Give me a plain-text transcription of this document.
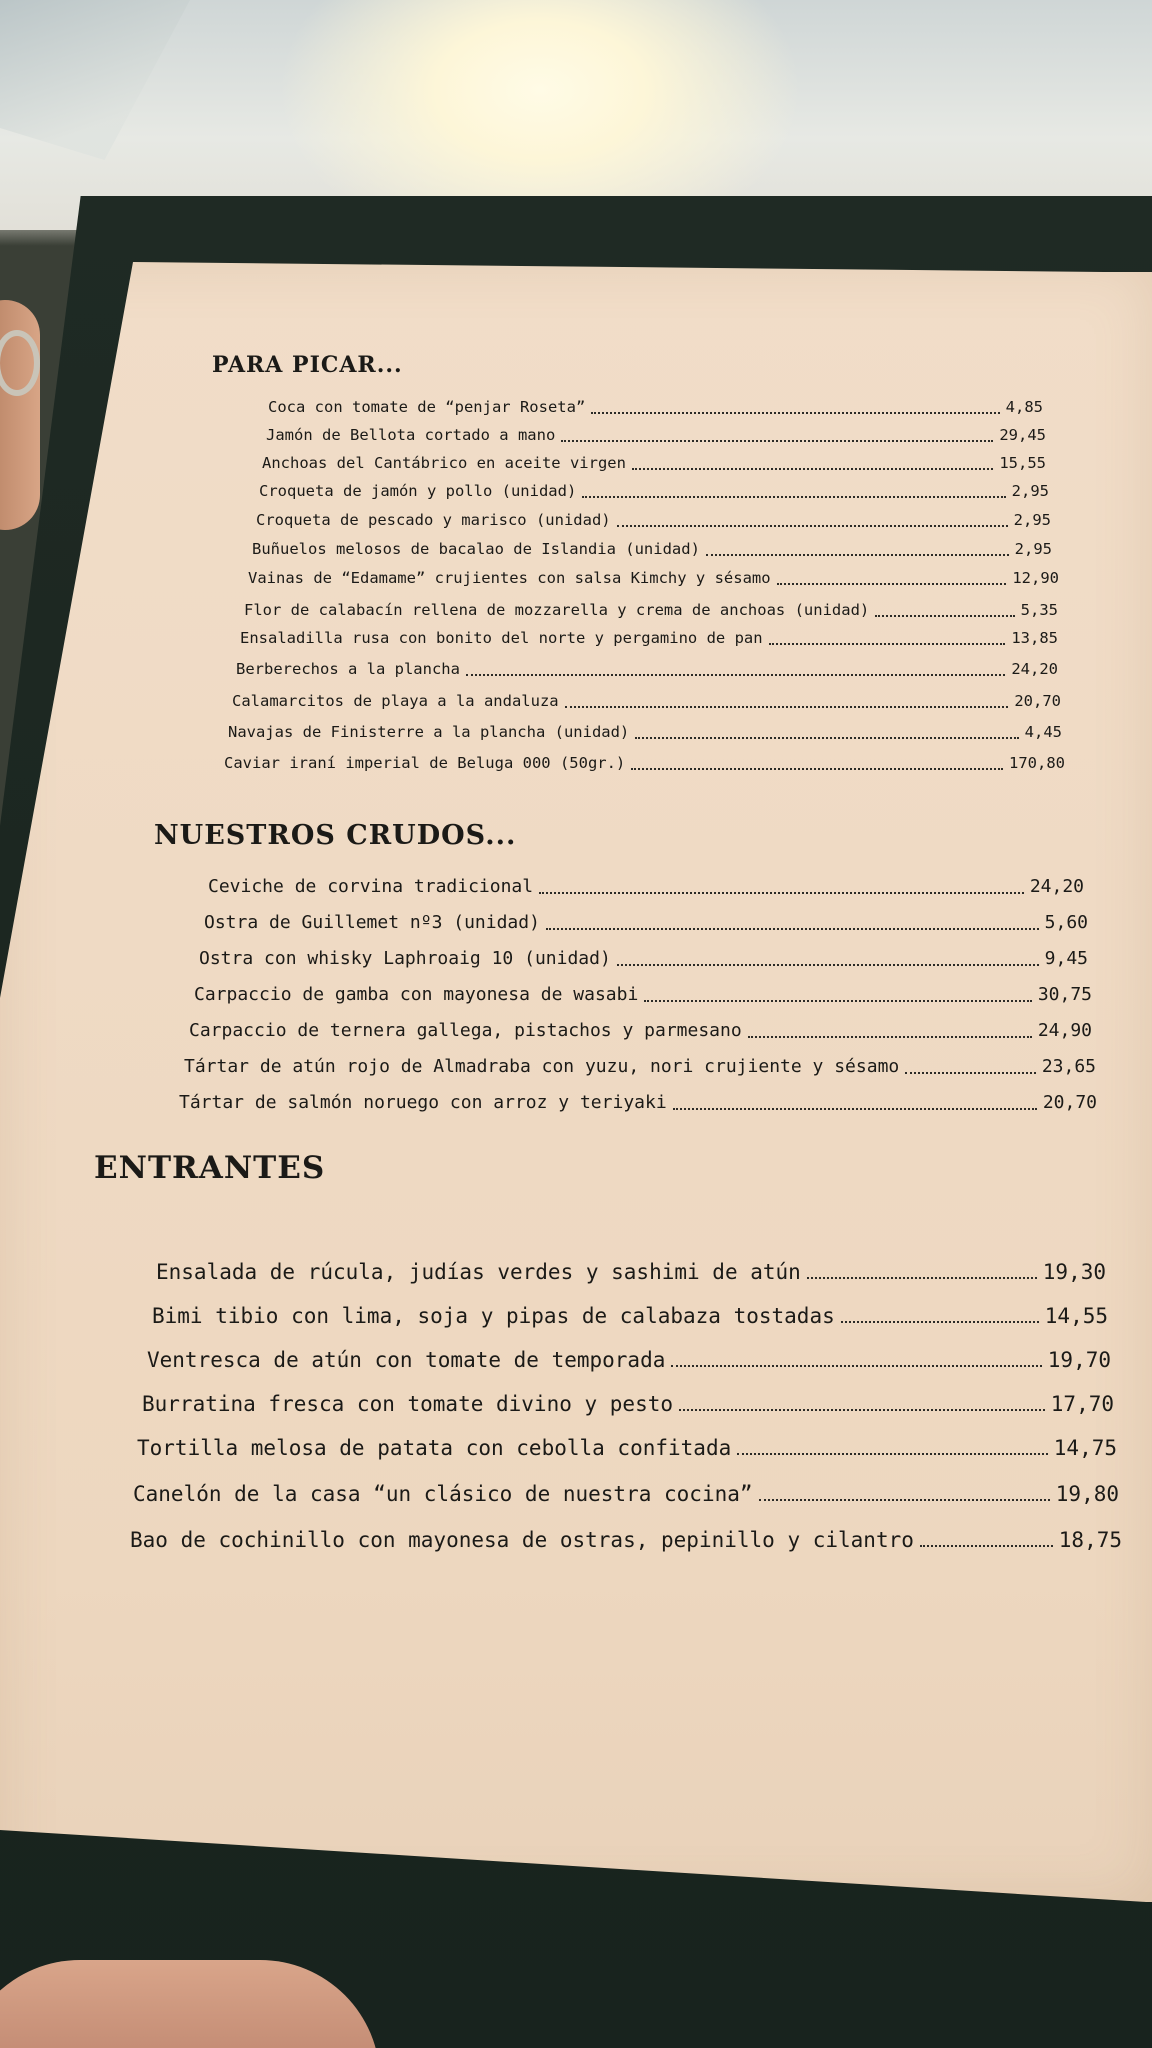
PARA PICAR...
Coca con tomate de “penjar Roseta”	4,85
Jamón de Bellota cortado a mano	29,45
Anchoas del Cantábrico en aceite virgen	15,55
Croqueta de jamón y pollo (unidad)	2,95
Croqueta de pescado y marisco (unidad)	2,95
Buñuelos melosos de bacalao de Islandia (unidad)	2,95
Vainas de “Edamame” crujientes con salsa Kimchy y sésamo	12,90
Flor de calabacín rellena de mozzarella y crema de anchoas (unidad)	5,35
Ensaladilla rusa con bonito del norte y pergamino de pan	13,85
Berberechos a la plancha	24,20
Calamarcitos de playa a la andaluza	20,70
Navajas de Finisterre a la plancha (unidad)	4,45
Caviar iraní imperial de Beluga 000 (50gr.)	170,80
NUESTROS CRUDOS...
Ceviche de corvina tradicional	24,20
Ostra de Guillemet nº3 (unidad)	5,60
Ostra con whisky Laphroaig 10 (unidad)	9,45
Carpaccio de gamba con mayonesa de wasabi	30,75
Carpaccio de ternera gallega, pistachos y parmesano	24,90
Tártar de atún rojo de Almadraba con yuzu, nori crujiente y sésamo	23,65
Tártar de salmón noruego con arroz y teriyaki	20,70
ENTRANTES
Ensalada de rúcula, judías verdes y sashimi de atún	19,30
Bimi tibio con lima, soja y pipas de calabaza tostadas	14,55
Ventresca de atún con tomate de temporada	19,70
Burratina fresca con tomate divino y pesto	17,70
Tortilla melosa de patata con cebolla confitada	14,75
Canelón de la casa “un clásico de nuestra cocina”	19,80
Bao de cochinillo con mayonesa de ostras, pepinillo y cilantro	18,75
